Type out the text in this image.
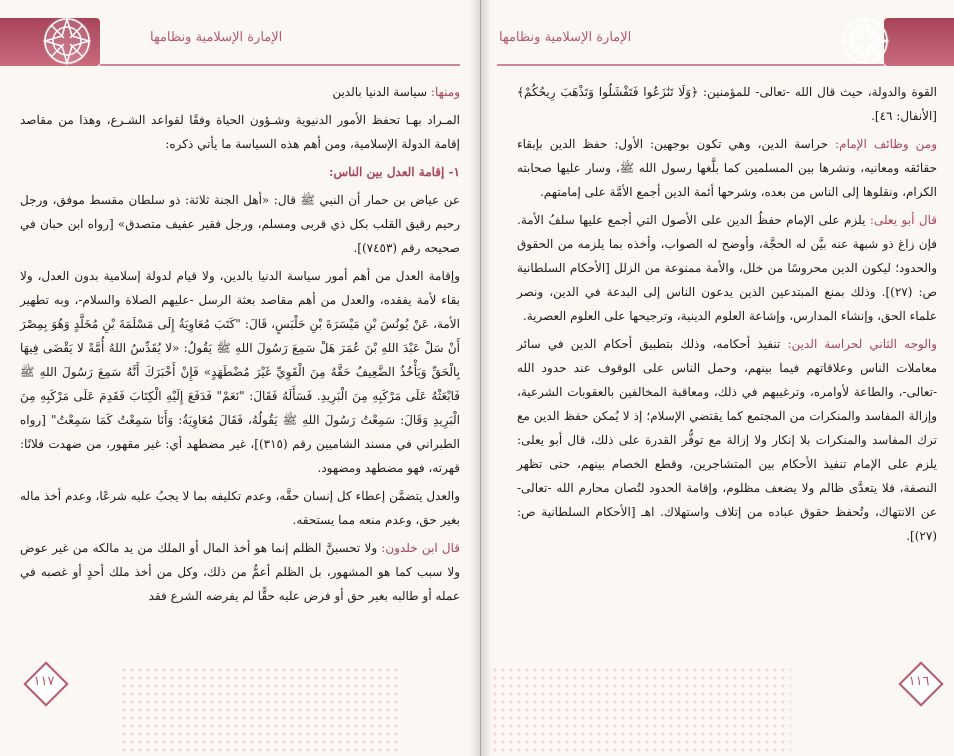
الإمارة الإسلامية ونظامها

ومنها: سياسة الدنيا بالدين

المـراد بهـا تحفظ الأمور الدنيوية وشـؤون الحياة وفقًا لقواعد الشـرع، وهذا من مقاصد إقامة الدولة الإسلامية، ومن أهم هذه السياسة ما يأتي ذكره:

١- إقامة العدل بين الناس:

عن عياض بن حمار أن النبي ﷺ قال: «أهل الجنة ثلاثة: ذو سلطان مقسط موفق، ورجل رحيم رقيق القلب بكل ذي قربى ومسلم، ورجل فقير عفيف متصدق» [رواه ابن حبان في صحيحه رقم (٧٤٥٣)].

وإقامة العدل من أهم أمور سياسة الدنيا بالدين، ولا قيام لدولة إسلامية بدون العدل، ولا بقاء لأمة يفقده، والعدل من أهم مقاصد بعثة الرسل -عليهم الصلاة والسلام-، وبه تطهير الأمة، عَنْ يُونُسَ بْنِ مَيْسَرَةَ بْنِ حَلْبَسٍ، قَالَ: "كَتَبَ مُعَاوِيَةُ إِلَى مَسْلَمَةَ بْنِ مُخَلَّدٍ وَهُوَ بِمِصْرَ أَنْ سَلْ عَبْدَ اللهِ بْنَ عُمَرَ هَلْ سَمِعَ رَسُولَ اللهِ ﷺ يَقُولُ: «لا يُقَدِّسُ اللهُ أُمَّةً لا يَقْضَى فِيهَا بِالْحَقِّ وَيَأْخُذُ الضَّعِيفُ حَقَّهُ مِنَ الْقَوِيِّ غَيْرَ مُضْطَهَدٍ» فَإِنْ أَخْبَرَكَ أَنَّهُ سَمِعَ رَسُولَ اللهِ ﷺ فَابْعَثْهُ عَلَى مَرْكَبِهِ مِنَ الْبَرِيدِ. فَسَأَلَهُ فَقَالَ: "نَعَمْ" فَدَفَعَ إِلَيْهِ الْكِتَابَ فَقَدِمَ عَلَى مَرْكَبِهِ مِنَ الْبَرِيدِ وَقَالَ: سَمِعْتُ رَسُولَ اللهِ ﷺ يَقُولُهُ، فَقَالَ مُعَاوِيَةُ: وَأَنَا سَمِعْتُ كَمَا سَمِعْتُ" [رواه الطبراني في مسند الشاميين رقم (٣١٥)]، غير مضطهد أي: غير مقهور، من ضهدت فلانًا: قهرته، فهو مضطهد ومضهود.

والعدل يتضمَّن إعطاء كل إنسان حقَّه، وعدم تكليفه بما لا يجبُ عليه شرعًا، وعدم أخذ ماله بغير حق، وعدم منعه مما يستحقه.

قال ابن خلدون: ولا تحسبنَّ الظلم إنما هو أخذ المال أو الملك من يد مالكه من غير عوض ولا سبب كما هو المشهور، بل الظلم أعمُّ من ذلك، وكل من أخذ ملك أحدٍ أو غصبه في عمله أو طالبه بغير حق أو فرض عليه حقًّا لم يفرضه الشرع فقد

١١٧
الإمارة الإسلامية ونظامها

القوة والدولة، حيث قال الله -تعالى- للمؤمنين: ﴿وَلَا تَنَٰزَعُوا فَتَفْشَلُوا وَتَذْهَبَ رِيحُكُمْ﴾ [الأنفال: ٤٦].

ومن وظائف الإمام: حراسة الدين، وهي تكون بوجهين: الأول: حفظ الدين بإبقاء حقائقه ومعانيه، ونشرها بين المسلمين كما بلَّغها رسول الله ﷺ، وسار عليها صحابته الكرام، ونقلوها إلى الناس من بعده، وشرحها أئمة الدين أجمع الأمَّة على إمامتهم.

قال أبو يعلى: يلزم على الإمام حفظُ الدين على الأصول التي أجمع عليها سلفُ الأمة. فإن زاغ ذو شبهة عنه بيَّن له الحجَّة، وأوضح له الصواب، وأخذه بما يلزمه من الحقوق والحدود؛ ليكون الدين محروسًا من خلل، والأمة ممنوعة من الزلل [الأحكام السلطانية ص: (٢٧)]. وذلك بمنع المبتدعين الذين يدعون الناس إلى البدعة في الدين، ونصر علماء الحق، وإنشاء المدارس، وإشاعة العلوم الدينية، وترجيحها على العلوم العصرية.

والوجه الثاني لحراسة الدين: تنفيذ أحكامه، وذلك بتطبيق أحكام الدين في سائر معاملات الناس وعلاقاتهم فيما بينهم، وحمل الناس على الوقوف عند حدود الله -تعالى-، والطاعة لأوامره، وترغيبهم في ذلك، ومعاقبة المخالفين بالعقوبات الشرعية، وإزالة المفاسد والمنكرات من المجتمع كما يقتضي الإسلام؛ إذ لا يُمكن حفظ الدين مع ترك المفاسد والمنكرات بلا إنكار ولا إزالة مع توفُّر القدرة على ذلك، قال أبو يعلى: يلزم على الإمام تنفيذ الأحكام بين المتشاجرين، وقطع الخصام بينهم، حتى تظهر النصفة، فلا يتعدَّى ظالم ولا يضعف مظلوم، وإقامة الحدود لتُصان محارم الله -تعالى- عن الانتهاك، وتُحفظ حقوق عباده من إتلاف واستهلاك. اهـ [الأحكام السلطانية ص: (٢٧)].

١١٦
